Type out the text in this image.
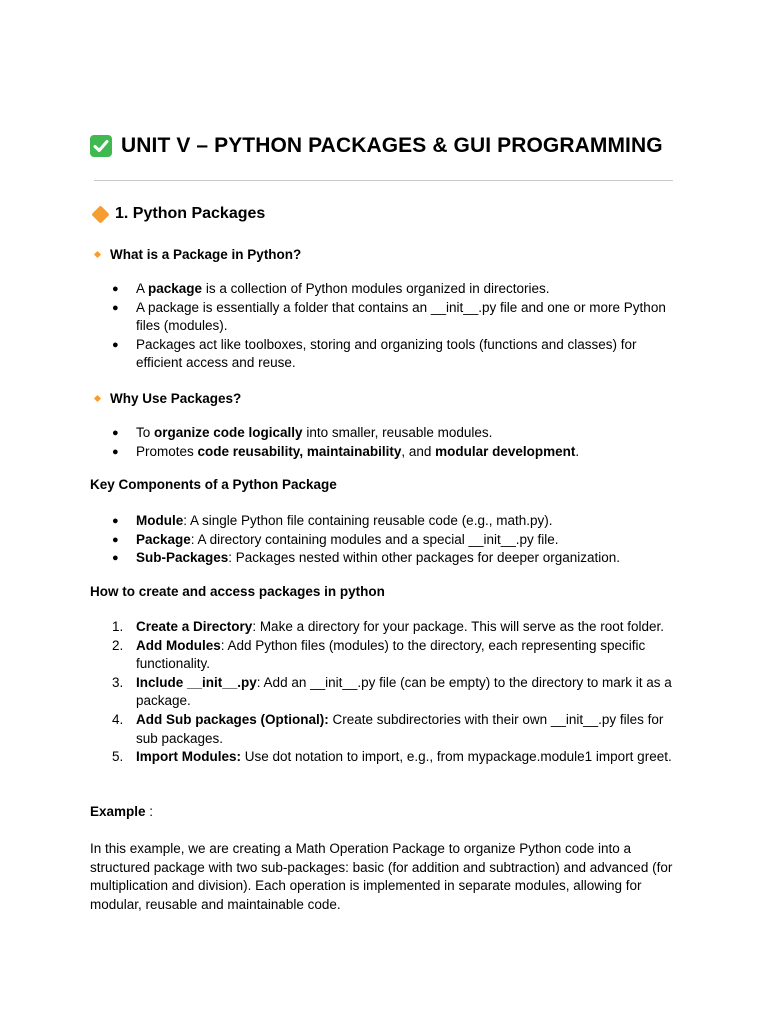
UNIT V – PYTHON PACKAGES & GUI PROGRAMMING
1. Python Packages
What is a Package in Python?
● A package is a collection of Python modules organized in directories.
● A package is essentially a folder that contains an __init__.py file and one or more Python files (modules).
● Packages act like toolboxes, storing and organizing tools (functions and classes) for efficient access and reuse.
Why Use Packages?
● To organize code logically into smaller, reusable modules.
● Promotes code reusability, maintainability, and modular development.
Key Components of a Python Package
● Module: A single Python file containing reusable code (e.g., math.py).
● Package: A directory containing modules and a special __init__.py file.
● Sub-Packages: Packages nested within other packages for deeper organization.
How to create and access packages in python
1. Create a Directory: Make a directory for your package. This will serve as the root folder.
2. Add Modules: Add Python files (modules) to the directory, each representing specific functionality.
3. Include __init__.py: Add an __init__.py file (can be empty) to the directory to mark it as a package.
4. Add Sub packages (Optional): Create subdirectories with their own __init__.py files for sub packages.
5. Import Modules: Use dot notation to import, e.g., from mypackage.module1 import greet.
Example :
In this example, we are creating a Math Operation Package to organize Python code into a structured package with two sub-packages: basic (for addition and subtraction) and advanced (for multiplication and division). Each operation is implemented in separate modules, allowing for modular, reusable and maintainable code.
